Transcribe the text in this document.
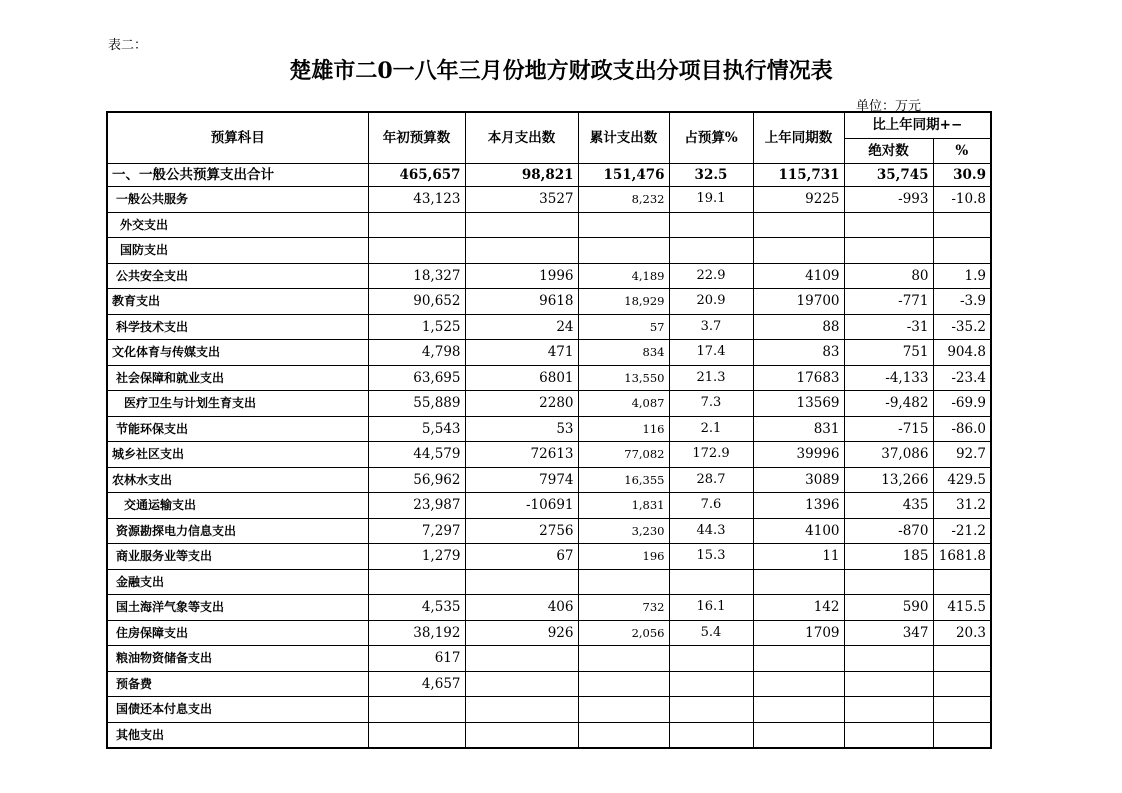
表二：
楚雄市二0一八年三月份地方财政支出分项目执行情况表
单位：万元
预算科目	年初预算数	本月支出数	累计支出数	占预算%	上年同期数	比上年同期+−	
						绝对数	%
一、一般公共预算支出合计	465,657	98,821	151,476	32.5	115,731	35,745	30.9
一般公共服务	43,123	3527	8,232	19.1	9225	-993	-10.8
外交支出							
国防支出							
公共安全支出	18,327	1996	4,189	22.9	4109	80	1.9
教育支出	90,652	9618	18,929	20.9	19700	-771	-3.9
科学技术支出	1,525	24	57	3.7	88	-31	-35.2
文化体育与传媒支出	4,798	471	834	17.4	83	751	904.8
社会保障和就业支出	63,695	6801	13,550	21.3	17683	-4,133	-23.4
医疗卫生与计划生育支出	55,889	2280	4,087	7.3	13569	-9,482	-69.9
节能环保支出	5,543	53	116	2.1	831	-715	-86.0
城乡社区支出	44,579	72613	77,082	172.9	39996	37,086	92.7
农林水支出	56,962	7974	16,355	28.7	3089	13,266	429.5
交通运输支出	23,987	-10691	1,831	7.6	1396	435	31.2
资源勘探电力信息支出	7,297	2756	3,230	44.3	4100	-870	-21.2
商业服务业等支出	1,279	67	196	15.3	11	185	1681.8
金融支出							
国土海洋气象等支出	4,535	406	732	16.1	142	590	415.5
住房保障支出	38,192	926	2,056	5.4	1709	347	20.3
粮油物资储备支出	617						
预备费	4,657						
国债还本付息支出							
其他支出							
